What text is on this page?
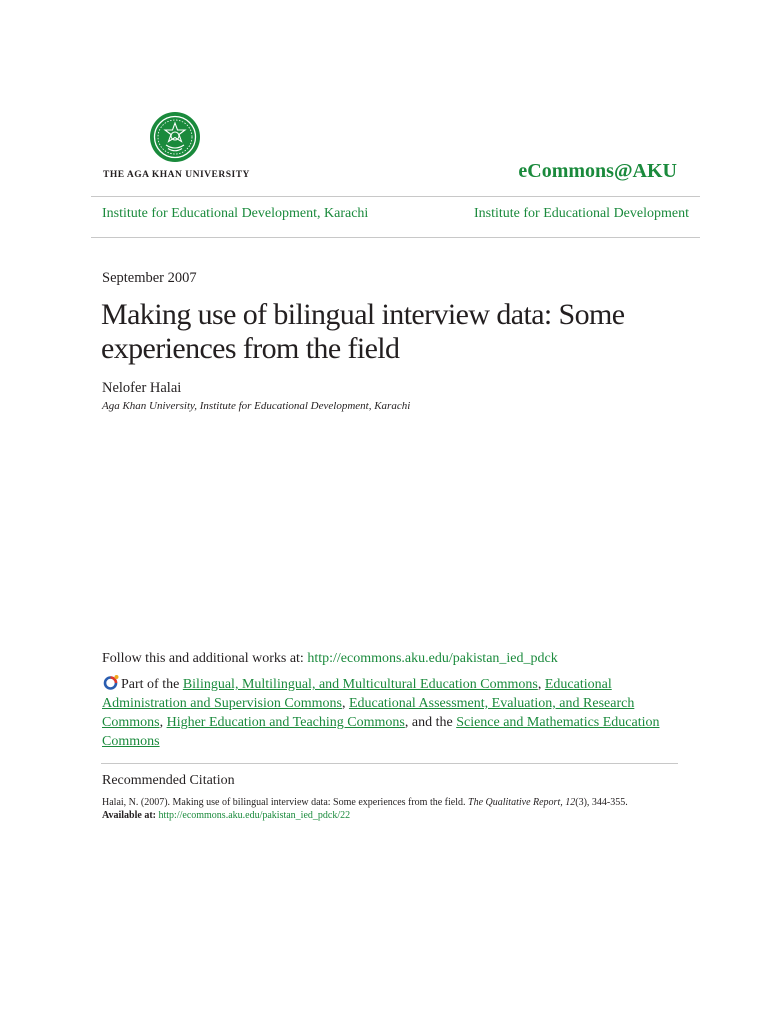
THE AGA KHAN UNIVERSITY	eCommons@AKU
Institute for Educational Development, Karachi	Institute for Educational Development
September 2007
Making use of bilingual interview data: Some experiences from the field
Nelofer Halai
Aga Khan University, Institute for Educational Development, Karachi
Follow this and additional works at: http://ecommons.aku.edu/pakistan_ied_pdck
Part of the Bilingual, Multilingual, and Multicultural Education Commons, Educational Administration and Supervision Commons, Educational Assessment, Evaluation, and Research Commons, Higher Education and Teaching Commons, and the Science and Mathematics Education Commons
Recommended Citation
Halai, N. (2007). Making use of bilingual interview data: Some experiences from the field. The Qualitative Report, 12(3), 344-355.
Available at: http://ecommons.aku.edu/pakistan_ied_pdck/22
